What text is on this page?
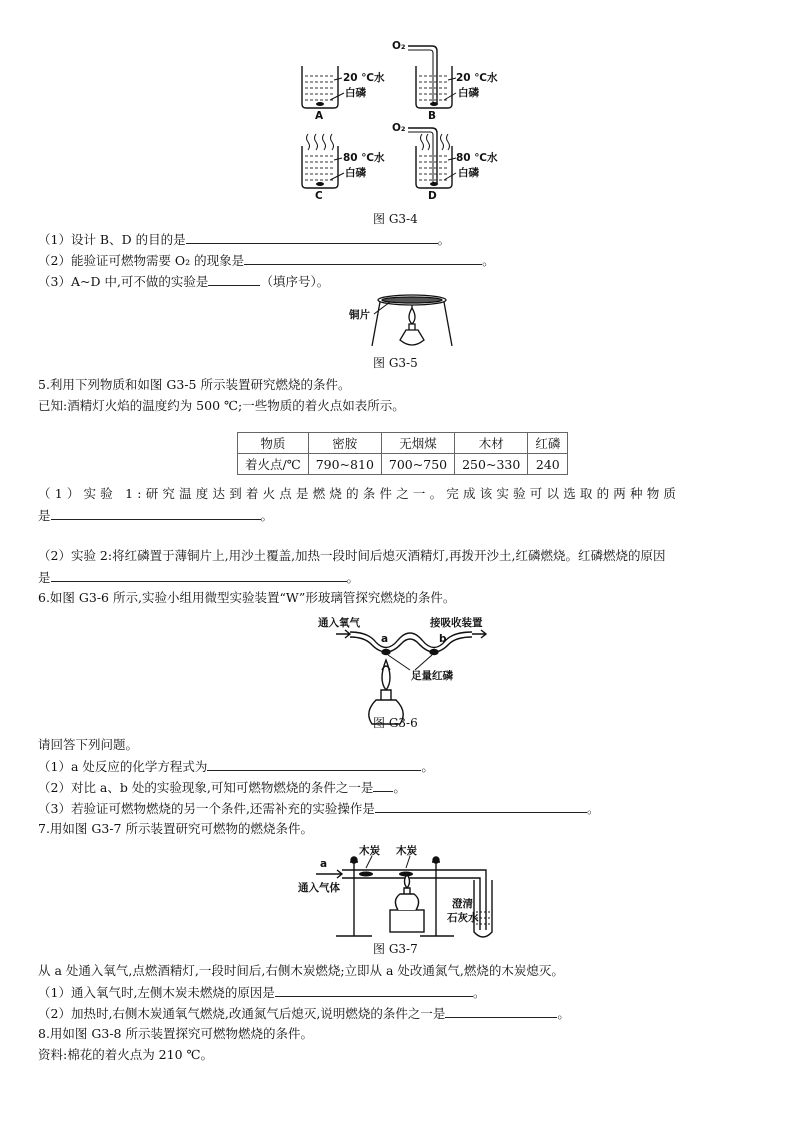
O₂
O₂
20 ℃水
白磷
20 ℃水
白磷
80 ℃水
白磷
80 ℃水
白磷
A	B
C	D
图 G3-4
（1）设计 B、D 的目的是	。
（2）能验证可燃物需要 O₂ 的现象是	。
（3）A~D 中,可不做的实验是	（填序号）。
铜片
图 G3-5
5.利用下列物质和如图 G3-5 所示装置研究燃烧的条件。
已知:酒精灯火焰的温度约为 500 ℃;一些物质的着火点如表所示。
物质	密胺	无烟煤	木材	红磷
着火点/℃	790~810	700~750	250~330	240
（1）实验 1:研究温度达到着火点是燃烧的条件之一。完成该实验可以选取的两种物质
是	。
（2）实验 2:将红磷置于薄铜片上,用沙土覆盖,加热一段时间后熄灭酒精灯,再拨开沙土,红磷燃烧。红磷燃烧的原因
是	。
6.如图 G3-6 所示,实验小组用微型实验装置“W”形玻璃管探究燃烧的条件。
通入氧气	接吸收装置
a	b
足量红磷
图 G3-6
请回答下列问题。
（1）a 处反应的化学方程式为	。
（2）对比 a、b 处的实验现象,可知可燃物燃烧的条件之一是 。
（3）若验证可燃物燃烧的另一个条件,还需补充的实验操作是	。
7.用如图 G3-7 所示装置研究可燃物的燃烧条件。
木炭 木炭
a
通入气体
澄清
石灰水
图 G3-7
从 a 处通入氧气,点燃酒精灯,一段时间后,右侧木炭燃烧;立即从 a 处改通氮气,燃烧的木炭熄灭。
（1）通入氧气时,左侧木炭未燃烧的原因是	。
（2）加热时,右侧木炭通氧气燃烧,改通氮气后熄灭,说明燃烧的条件之一是	。
8.用如图 G3-8 所示装置探究可燃物燃烧的条件。
资料:棉花的着火点为 210 ℃。
